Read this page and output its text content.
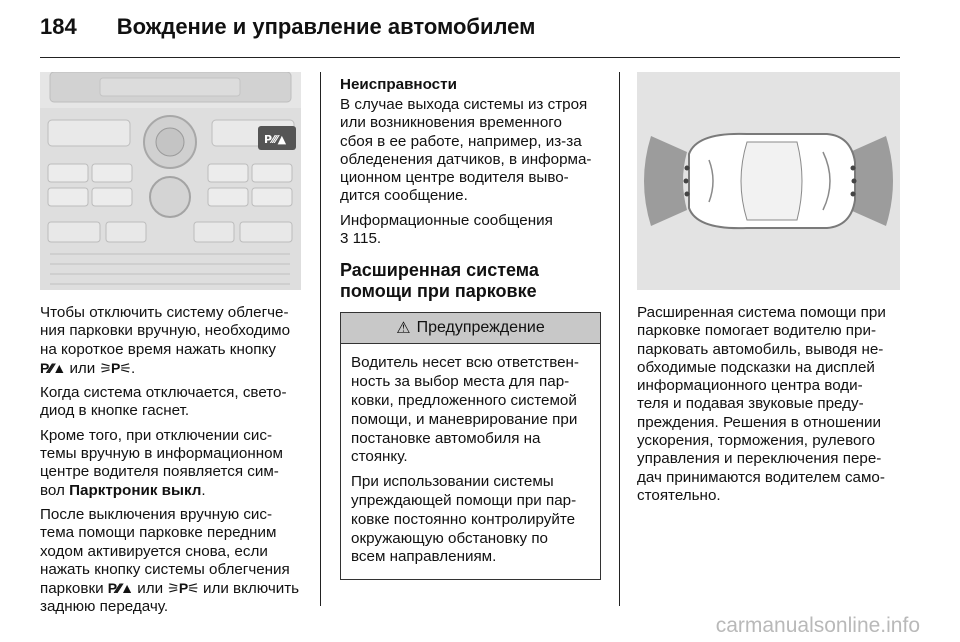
184 Вождение и управление автомобилем
P⁄⁄⁄▲

Чтобы отключить систему облегче-
ния парковки вручную, необходимо
на короткое время нажать кнопку
P⁄⁄⁄▲ или ⚞P⚟.

Когда система отключается, свето-
диод в кнопке гаснет.

Кроме того, при отключении сис-
темы вручную в информационном
центре водителя появляется сим-
вол Парктроник выкл.

После выключения вручную сис-
тема помощи парковке передним
ходом активируется снова, если
нажать кнопку системы облегчения
парковки P⁄⁄⁄▲ или ⚞P⚟ или включить
заднюю передачу.

Неисправности

В случае выхода системы из строя
или возникновения временного
сбоя в ее работе, например, из-за
обледенения датчиков, в информа-
ционном центре водителя выво-
дится сообщение.

Информационные сообщения
3 115.

Расширенная система
помощи при парковке
⚠ Предупреждение

Водитель несет всю ответствен-
ность за выбор места для пар-
ковки, предложенного системой
помощи, и маневрирование при
постановке автомобиля на
стоянку.

При использовании системы
упреждающей помощи при пар-
ковке постоянно контролируйте
окружающую обстановку по
всем направлениям.

Расширенная система помощи при
парковке помогает водителю при-
парковать автомобиль, выводя не-
обходимые подсказки на дисплей
информационного центра води-
теля и подавая звуковые преду-
преждения. Решения в отношении
ускорения, торможения, рулевого
управления и переключения пере-
дач принимаются водителем само-
стоятельно.

carmanualsonline.info
